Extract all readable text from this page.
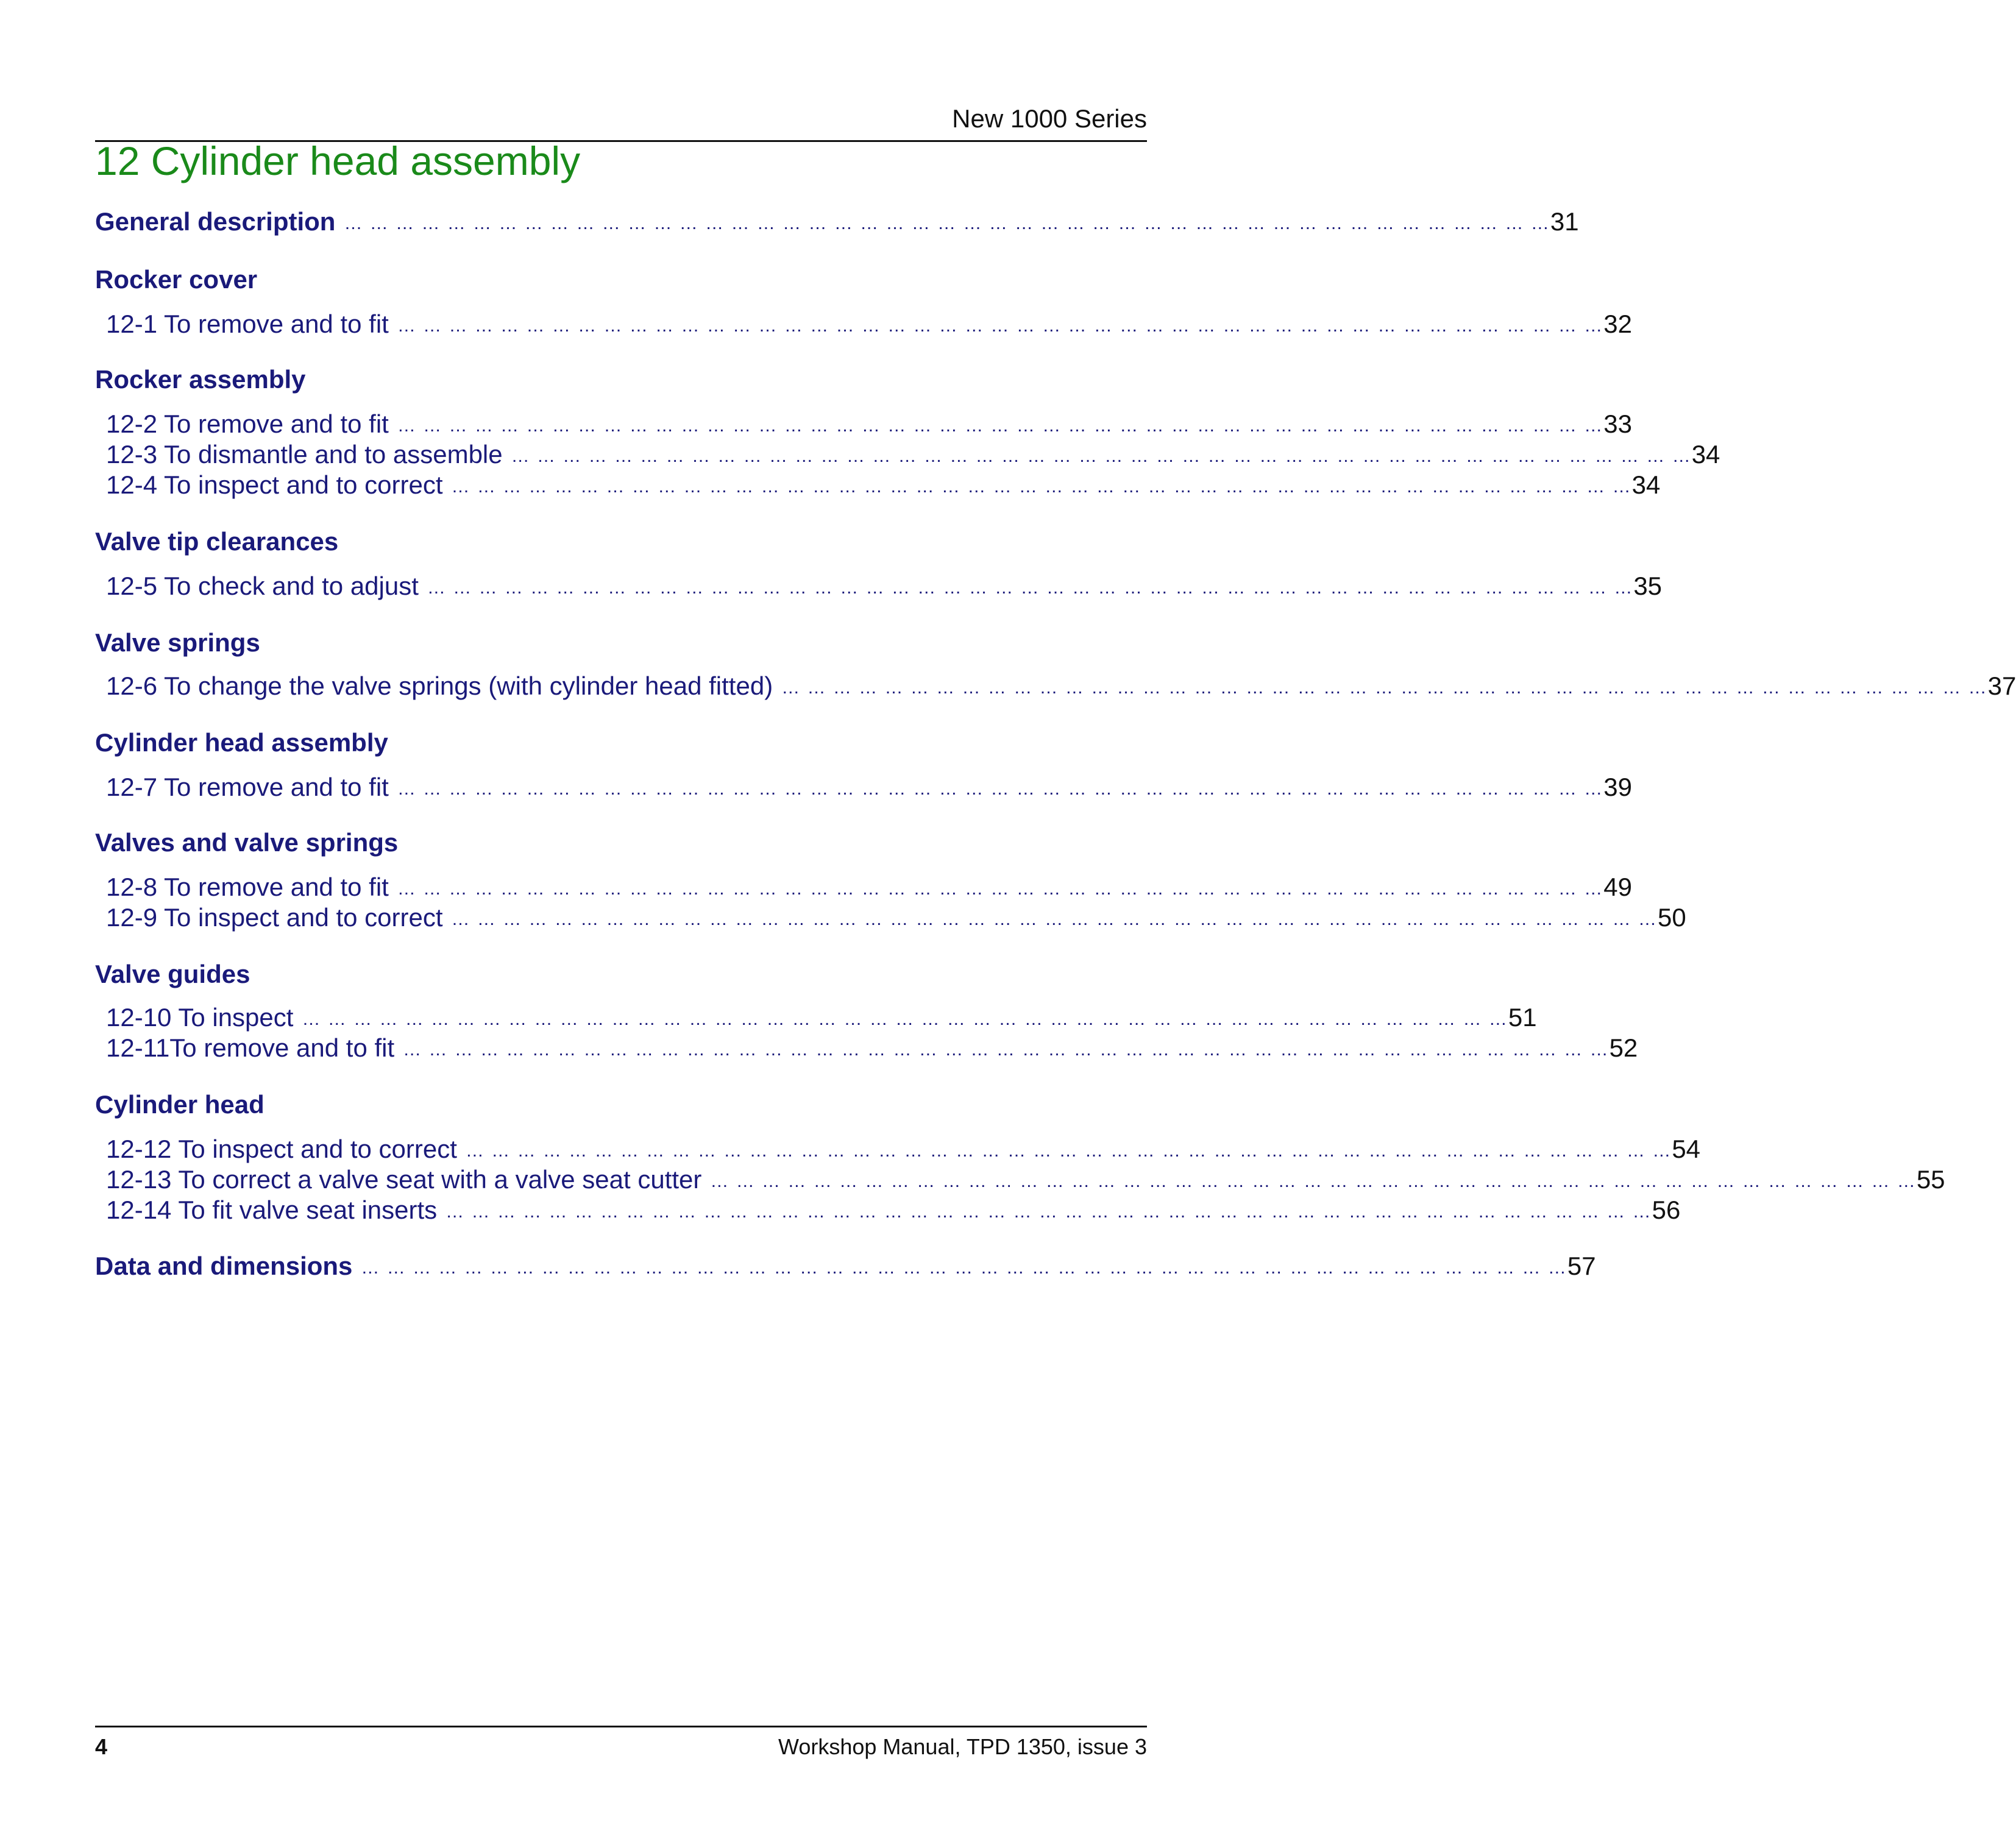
New 1000 Series
12 Cylinder head assembly
General description … … … … … … … … … … … … … … … … … … … … … … … … … … … … … … … … … … … … … … … … … … … … … … … 31
Rocker cover
12-1 To remove and to fit … … … … … … … … … … … … … … … … … … … … … … … … … … … … … … … … … … … … … … … … … … … … … … … 32
Rocker assembly
12-2 To remove and to fit … … … … … … … … … … … … … … … … … … … … … … … … … … … … … … … … … … … … … … … … … … … … … … … 33
12-3 To dismantle and to assemble … … … … … … … … … … … … … … … … … … … … … … … … … … … … … … … … … … … … … … … … … … … … … … 34
12-4 To inspect and to correct … … … … … … … … … … … … … … … … … … … … … … … … … … … … … … … … … … … … … … … … … … … … … … 34
Valve tip clearances
12-5 To check and to adjust … … … … … … … … … … … … … … … … … … … … … … … … … … … … … … … … … … … … … … … … … … … … … … … 35
Valve springs
12-6 To change the valve springs (with cylinder head fitted) … … … … … … … … … … … … … … … … … … … … … … … … … … … … … … … … … … … … … … … … … … … … … … … 37
Cylinder head assembly
12-7 To remove and to fit … … … … … … … … … … … … … … … … … … … … … … … … … … … … … … … … … … … … … … … … … … … … … … … 39
Valves and valve springs
12-8 To remove and to fit … … … … … … … … … … … … … … … … … … … … … … … … … … … … … … … … … … … … … … … … … … … … … … … 49
12-9 To inspect and to correct … … … … … … … … … … … … … … … … … … … … … … … … … … … … … … … … … … … … … … … … … … … … … … … 50
Valve guides
12-10 To inspect … … … … … … … … … … … … … … … … … … … … … … … … … … … … … … … … … … … … … … … … … … … … … … … 51
12-11To remove and to fit … … … … … … … … … … … … … … … … … … … … … … … … … … … … … … … … … … … … … … … … … … … … … … … 52
Cylinder head
12-12 To inspect and to correct … … … … … … … … … … … … … … … … … … … … … … … … … … … … … … … … … … … … … … … … … … … … … … … 54
12-13 To correct a valve seat with a valve seat cutter … … … … … … … … … … … … … … … … … … … … … … … … … … … … … … … … … … … … … … … … … … … … … … … 55
12-14 To fit valve seat inserts … … … … … … … … … … … … … … … … … … … … … … … … … … … … … … … … … … … … … … … … … … … … … … … 56
Data and dimensions … … … … … … … … … … … … … … … … … … … … … … … … … … … … … … … … … … … … … … … … … … … … … … … 57
4	Workshop Manual, TPD 1350, issue 3
